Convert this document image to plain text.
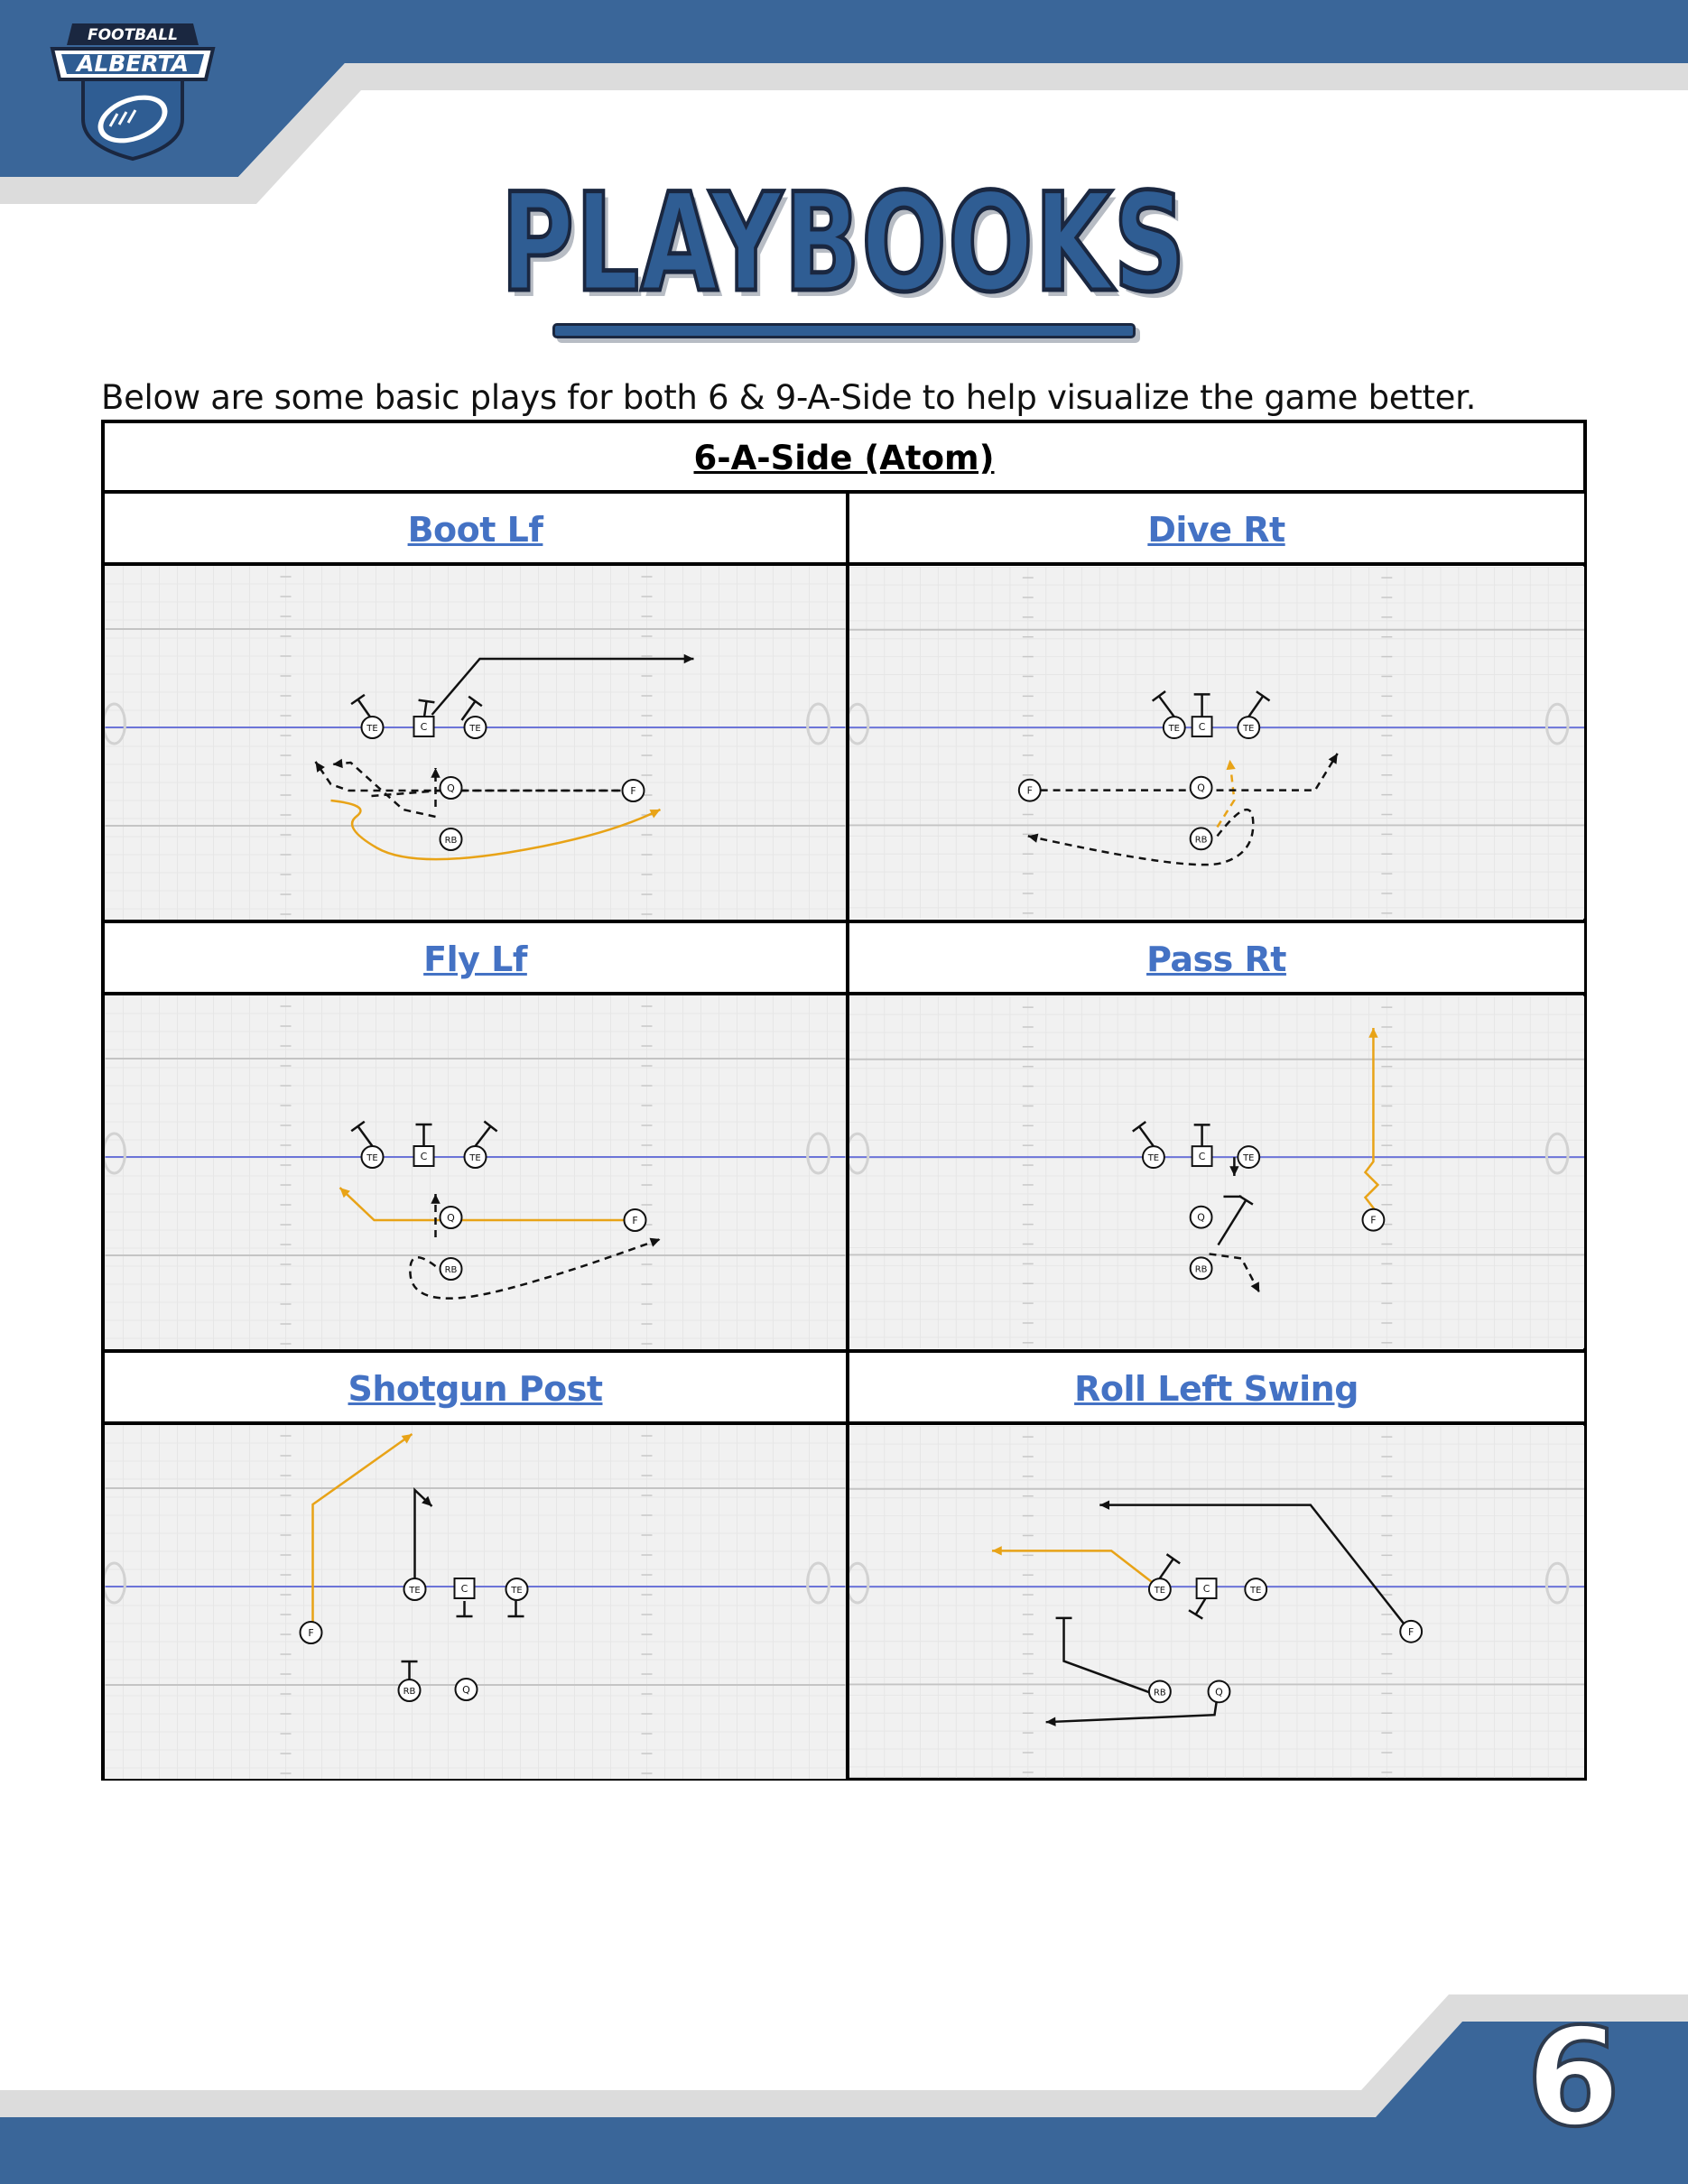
FOOTBALL
ALBERTA
PLAYBOOKS
Below are some basic plays for both 6 & 9-A-Side to help visualize the game better.
6-A-Side (Atom)
Boot Lf
TE	C	TE
F
Q
RB
Dive Rt
TE C	TE
F	Q
RB
Fly Lf
TE	C	TE
F
Q
RB
Pass Rt
TE	C	TE
F
Q
RB
Shotgun Post
F
TE	C	TE
RB	Q
Roll Left Swing
TE	C	TE
F
RB	Q
6
